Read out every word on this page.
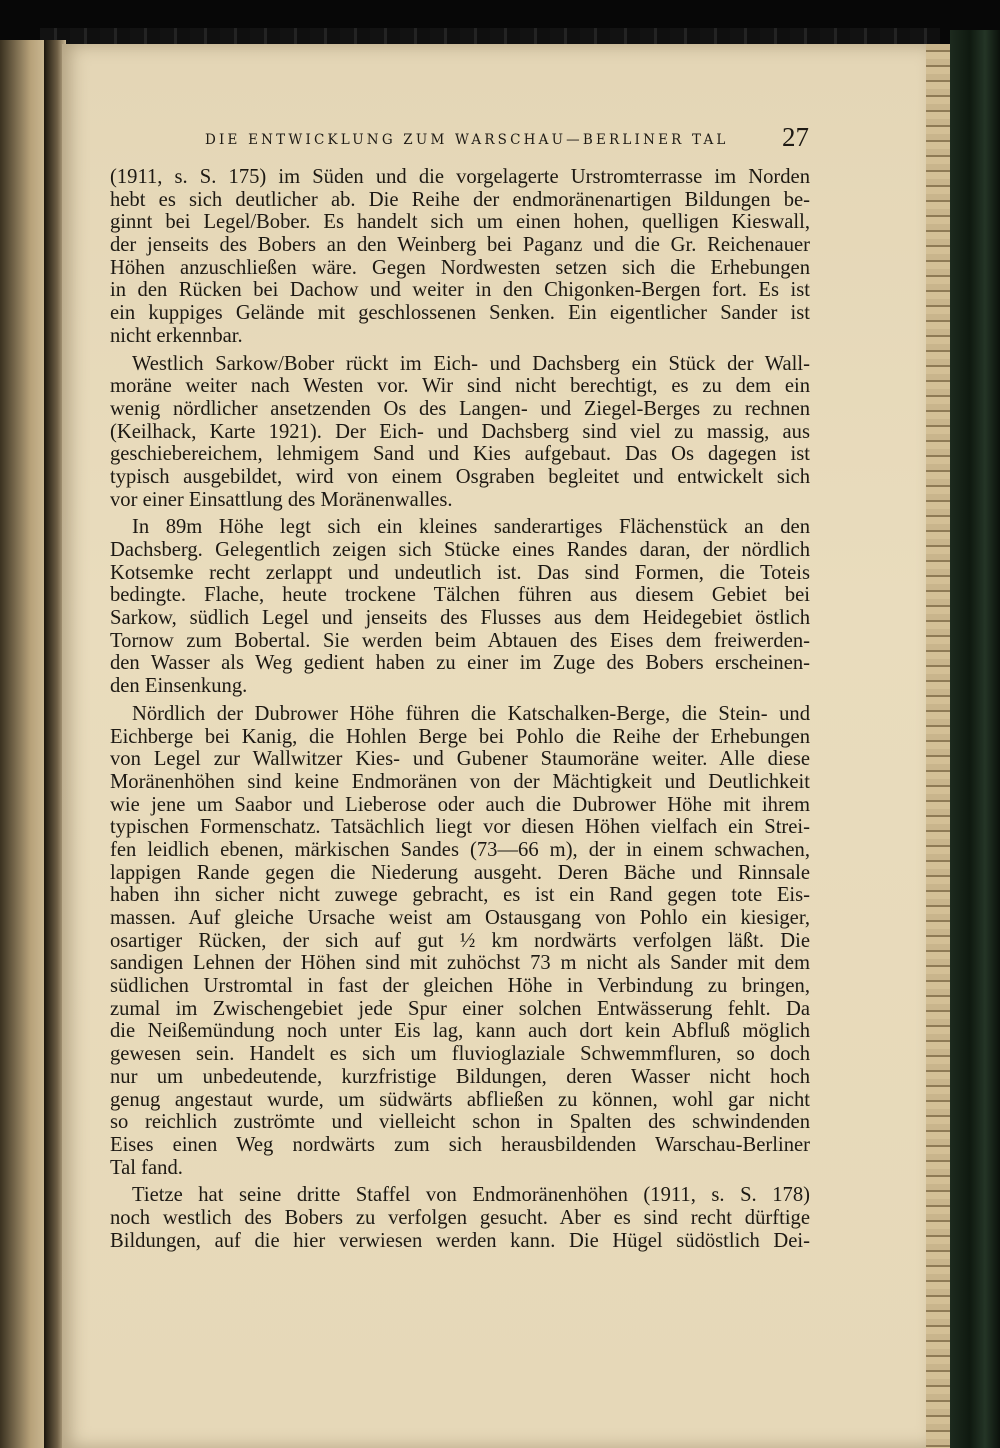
DIE ENTWICKLUNG ZUM WARSCHAU—BERLINER TAL 27
(1911, s. S. 175) im Süden und die vorgelagerte Urstromterrasse im Norden
hebt es sich deutlicher ab. Die Reihe der endmoränenartigen Bildungen be-
ginnt bei Legel/Bober. Es handelt sich um einen hohen, quelligen Kieswall,
der jenseits des Bobers an den Weinberg bei Paganz und die Gr. Reichenauer
Höhen anzuschließen wäre. Gegen Nordwesten setzen sich die Erhebungen
in den Rücken bei Dachow und weiter in den Chigonken-Bergen fort. Es ist
ein kuppiges Gelände mit geschlossenen Senken. Ein eigentlicher Sander ist
nicht erkennbar.
Westlich Sarkow/Bober rückt im Eich- und Dachsberg ein Stück der Wall-
moräne weiter nach Westen vor. Wir sind nicht berechtigt, es zu dem ein
wenig nördlicher ansetzenden Os des Langen- und Ziegel-Berges zu rechnen
(Keilhack, Karte 1921). Der Eich- und Dachsberg sind viel zu massig, aus
geschiebereichem, lehmigem Sand und Kies aufgebaut. Das Os dagegen ist
typisch ausgebildet, wird von einem Osgraben begleitet und entwickelt sich
vor einer Einsattlung des Moränenwalles.
In 89m Höhe legt sich ein kleines sanderartiges Flächenstück an den
Dachsberg. Gelegentlich zeigen sich Stücke eines Randes daran, der nördlich
Kotsemke recht zerlappt und undeutlich ist. Das sind Formen, die Toteis
bedingte. Flache, heute trockene Tälchen führen aus diesem Gebiet bei
Sarkow, südlich Legel und jenseits des Flusses aus dem Heidegebiet östlich
Tornow zum Bobertal. Sie werden beim Abtauen des Eises dem freiwerden-
den Wasser als Weg gedient haben zu einer im Zuge des Bobers erscheinen-
den Einsenkung.
Nördlich der Dubrower Höhe führen die Katschalken-Berge, die Stein- und
Eichberge bei Kanig, die Hohlen Berge bei Pohlo die Reihe der Erhebungen
von Legel zur Wallwitzer Kies- und Gubener Staumoräne weiter. Alle diese
Moränenhöhen sind keine Endmoränen von der Mächtigkeit und Deutlichkeit
wie jene um Saabor und Lieberose oder auch die Dubrower Höhe mit ihrem
typischen Formenschatz. Tatsächlich liegt vor diesen Höhen vielfach ein Strei-
fen leidlich ebenen, märkischen Sandes (73—66 m), der in einem schwachen,
lappigen Rande gegen die Niederung ausgeht. Deren Bäche und Rinnsale
haben ihn sicher nicht zuwege gebracht, es ist ein Rand gegen tote Eis-
massen. Auf gleiche Ursache weist am Ostausgang von Pohlo ein kiesiger,
osartiger Rücken, der sich auf gut ½ km nordwärts verfolgen läßt. Die
sandigen Lehnen der Höhen sind mit zuhöchst 73 m nicht als Sander mit dem
südlichen Urstromtal in fast der gleichen Höhe in Verbindung zu bringen,
zumal im Zwischengebiet jede Spur einer solchen Entwässerung fehlt. Da
die Neißemündung noch unter Eis lag, kann auch dort kein Abfluß möglich
gewesen sein. Handelt es sich um fluvioglaziale Schwemmfluren, so doch
nur um unbedeutende, kurzfristige Bildungen, deren Wasser nicht hoch
genug angestaut wurde, um südwärts abfließen zu können, wohl gar nicht
so reichlich zuströmte und vielleicht schon in Spalten des schwindenden
Eises einen Weg nordwärts zum sich herausbildenden Warschau-Berliner
Tal fand.
Tietze hat seine dritte Staffel von Endmoränenhöhen (1911, s. S. 178)
noch westlich des Bobers zu verfolgen gesucht. Aber es sind recht dürftige
Bildungen, auf die hier verwiesen werden kann. Die Hügel südöstlich Dei-
